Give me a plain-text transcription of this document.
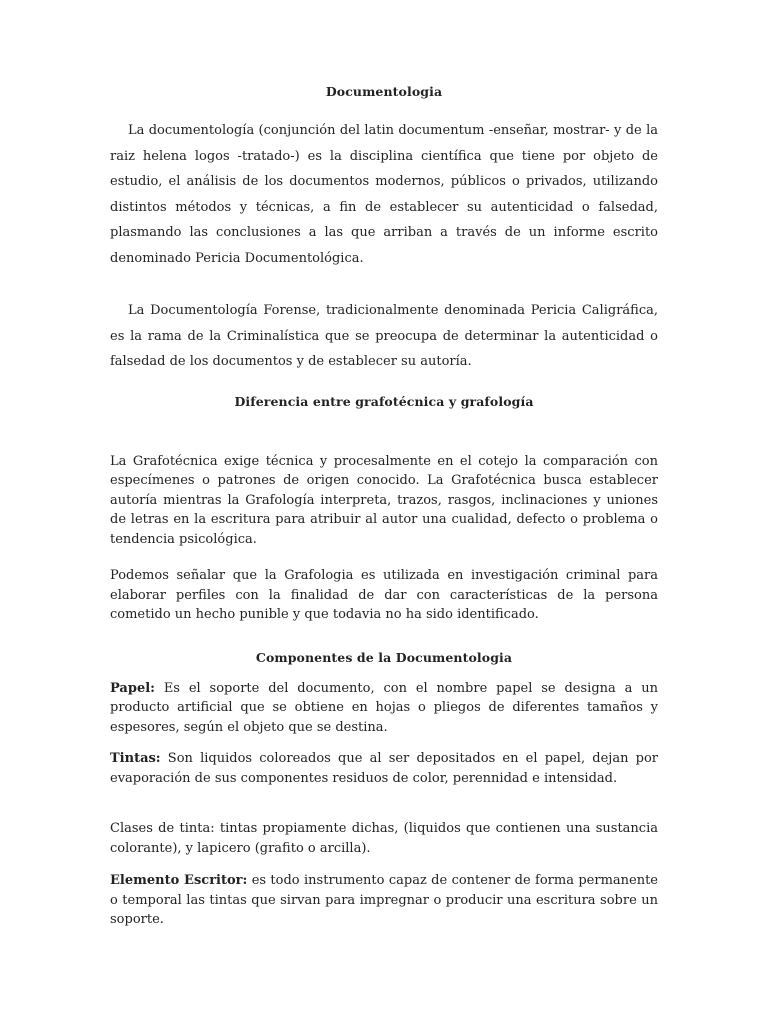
Documentologia

La documentología (conjunción del latin documentum -enseñar, mostrar- y de la raiz helena logos -tratado-) es la disciplina científica que tiene por objeto de estudio, el análisis de los documentos modernos, públicos o privados, utilizando distintos métodos y técnicas, a fin de establecer su autenticidad o falsedad, plasmando las conclusiones a las que arriban a través de un informe escrito denominado Pericia Documentológica.

La Documentología Forense, tradicionalmente denominada Pericia Caligráfica, es la rama de la Criminalística que se preocupa de determinar la autenticidad o falsedad de los documentos y de establecer su autoría.

Diferencia entre grafotécnica y grafología

La Grafotécnica exige técnica y procesalmente en el cotejo la comparación con especímenes o patrones de origen conocido. La Grafotécnica busca establecer autoría mientras la Grafología interpreta, trazos, rasgos, inclinaciones y uniones de letras en la escritura para atribuir al autor una cualidad, defecto o problema o tendencia psicológica.

Podemos señalar que la Grafologia es utilizada en investigación criminal para elaborar perfiles con la finalidad de dar con características de la persona cometido un hecho punible y que todavia no ha sido identificado.

Componentes de la Documentologia

Papel: Es el soporte del documento, con el nombre papel se designa a un producto artificial que se obtiene en hojas o pliegos de diferentes tamaños y espesores, según el objeto que se destina.

Tintas: Son liquidos coloreados que al ser depositados en el papel, dejan por evaporación de sus componentes residuos de color, perennidad e intensidad.

Clases de tinta: tintas propiamente dichas, (liquidos que contienen una sustancia colorante), y lapicero (grafito o arcilla).

Elemento Escritor: es todo instrumento capaz de contener de forma permanente o temporal las tintas que sirvan para impregnar o producir una escritura sobre un soporte.
